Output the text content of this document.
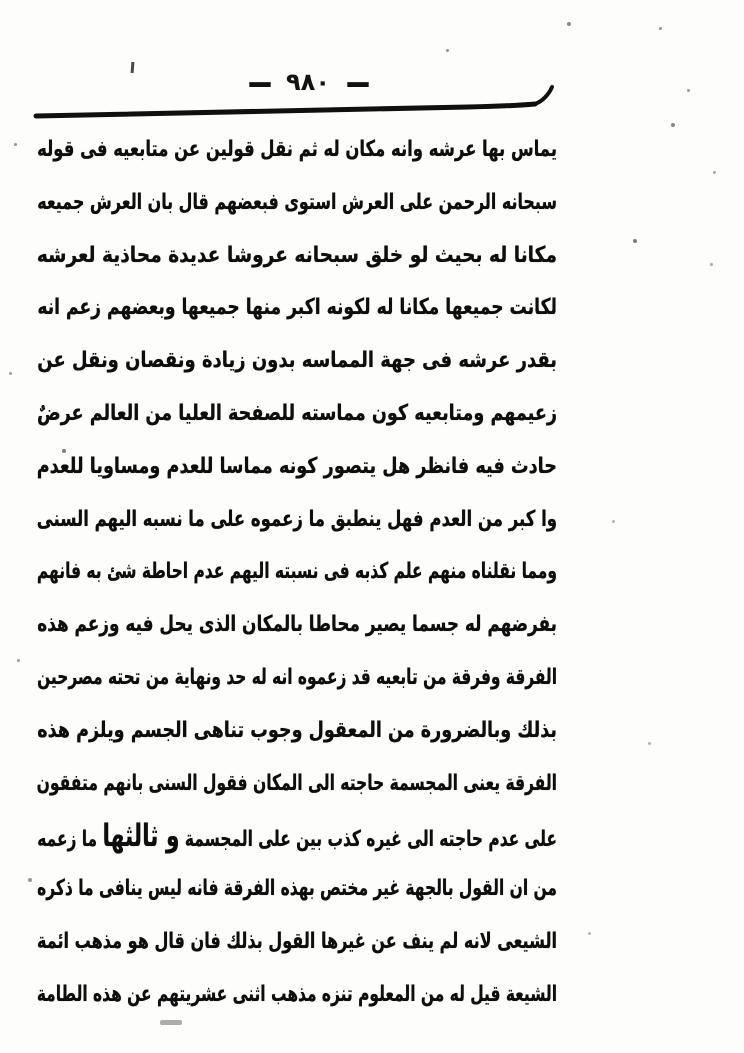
—
٩٨٠
—
يماس بها عرشه وانه مكان له ثم نقل قولين عن متابعيه فى قوله
سبحانه الرحمن على العرش استوى فبعضهم قال بان العرش جميعه
مكانا له بحيث لو خلق سبحانه عروشا عديدة محاذية لعرشه
لكانت جميعها مكانا له لكونه اكبر منها جميعها وبعضهم زعم انه
بقدر عرشه فى جهة المماسه بدون زيادة ونقصان ونقل عن
زعيمهم ومتابعيه كون مماسته للصفحة العليا من العالم عرضٌ
حادث فيه فانظر هل يتصور كونه مماسا للعدم ومساويا للعدم
وا كبر من العدم فهل ينطبق ما زعموه على ما نسبه اليهم السنى
ومما نقلناه منهم علم كذبه فى نسبته اليهم عدم احاطة شئ به فانهم
بفرضهم له جسما يصير محاطا بالمكان الذى يحل فيه وزعم هذه
الفرقة وفرقة من تابعيه قد زعموه انه له حد ونهاية من تحته مصرحين
بذلك وبالضرورة من المعقول وجوب تناهى الجسم ويلزم هذه
الفرقة يعنى المجسمة حاجته الى المكان فقول السنى بانهم متفقون
على عدم حاجته الى غيره كذب بين على المجسمة و ثالثها ما زعمه
من ان القول بالجهة غير مختص بهذه الفرقة فانه ليس ينافى ما ذكره
الشيعى لانه لم ينف عن غيرها القول بذلك فان قال هو مذهب ائمة
الشيعة قيل له من المعلوم تنزه مذهب اثنى عشريتهم عن هذه الطامة
